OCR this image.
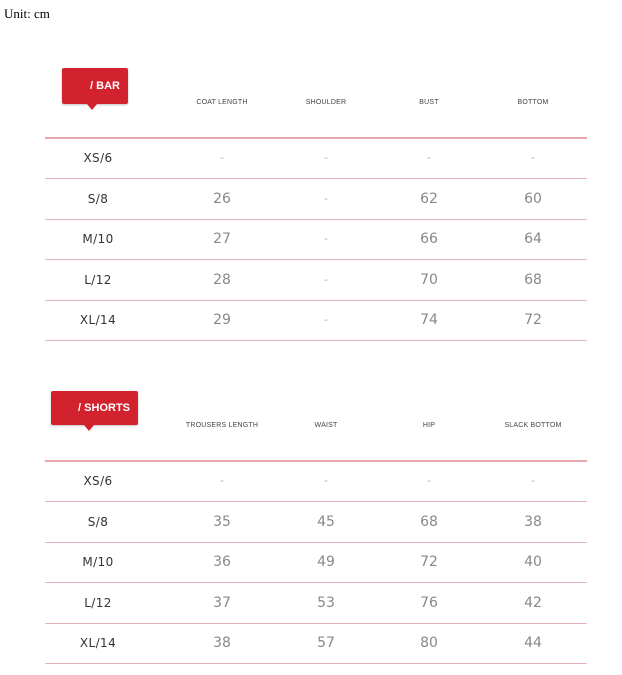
Unit: cm
/ BAR
COAT LENGTH	SHOULDER	BUST	BOTTOM
XS/6	-	-	-	-
S/8	26	-	62	60
M/10	27	-	66	64
L/12	28	-	70	68
XL/14	29	-	74	72
/ SHORTS
TROUSERS LENGTH	WAIST	HIP	SLACK BOTTOM
XS/6	-	-	-	-
S/8	35	45	68	38
M/10	36	49	72	40
L/12	37	53	76	42
XL/14	38	57	80	44
